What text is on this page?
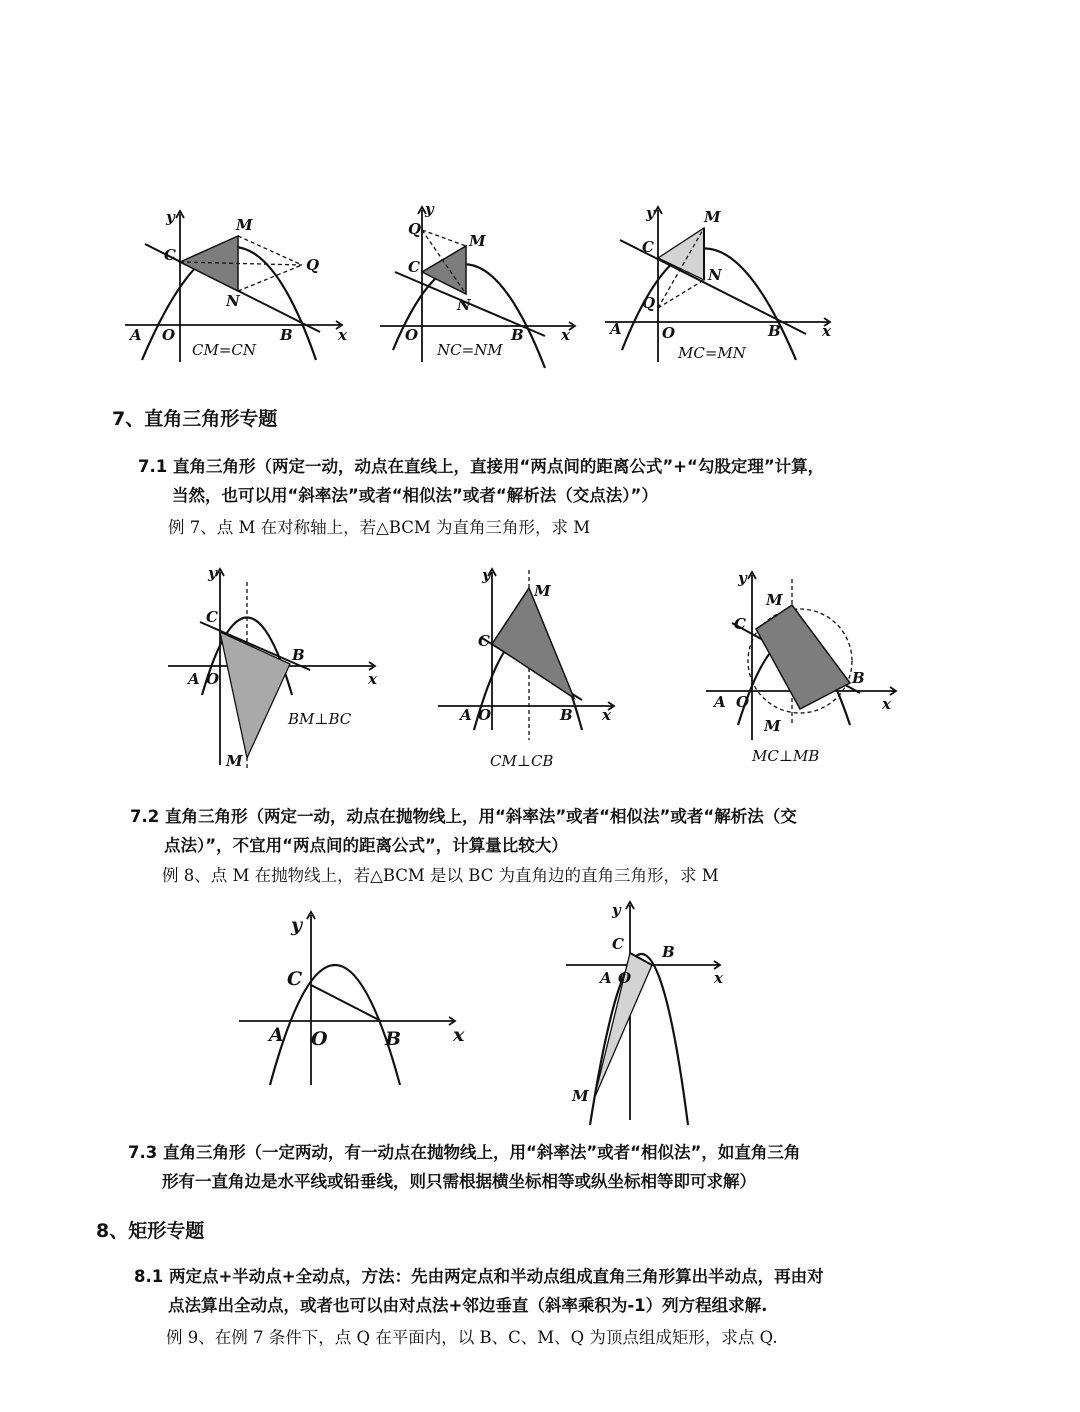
y	M
C
Q
N
A O	B	x
CM=CN
y
Q
M
C
N
O	B x
NC=NM
y	M
C
N
Q
A	O	B	x
MC=MN
7、直角三角形专题
7.1 直角三角形（两定一动，动点在直线上，直接用“两点间的距离公式”+“勾股定理”计算，
当然，也可以用“斜率法”或者“相似法”或者“解析法（交点法）”）
例 7、点 M 在对称轴上，若△BCM 为直角三角形，求 M
y
C
B
A O	x
BM⊥BC
M
y
M
C
A O	B x
CM⊥CB
y
M
C
B
A O	x
M
MC⊥MB
7.2 直角三角形（两定一动，动点在抛物线上，用“斜率法”或者“相似法”或者“解析法（交
点法）”，不宜用“两点间的距离公式”，计算量比较大）
例 8、点 M 在抛物线上，若△BCM 是以 BC 为直角边的直角三角形，求 M
y
C
A O	B	x
y
C	B
A O	x
M
7.3 直角三角形（一定两动，有一动点在抛物线上，用“斜率法”或者“相似法”，如直角三角
形有一直角边是水平线或铅垂线，则只需根据横坐标相等或纵坐标相等即可求解）
8、矩形专题
8.1 两定点+半动点+全动点，方法：先由两定点和半动点组成直角三角形算出半动点，再由对
点法算出全动点，或者也可以由对点法+邻边垂直（斜率乘积为-1）列方程组求解.
例 9、在例 7 条件下，点 Q 在平面内，以 B、C、M、Q 为顶点组成矩形，求点 Q.
